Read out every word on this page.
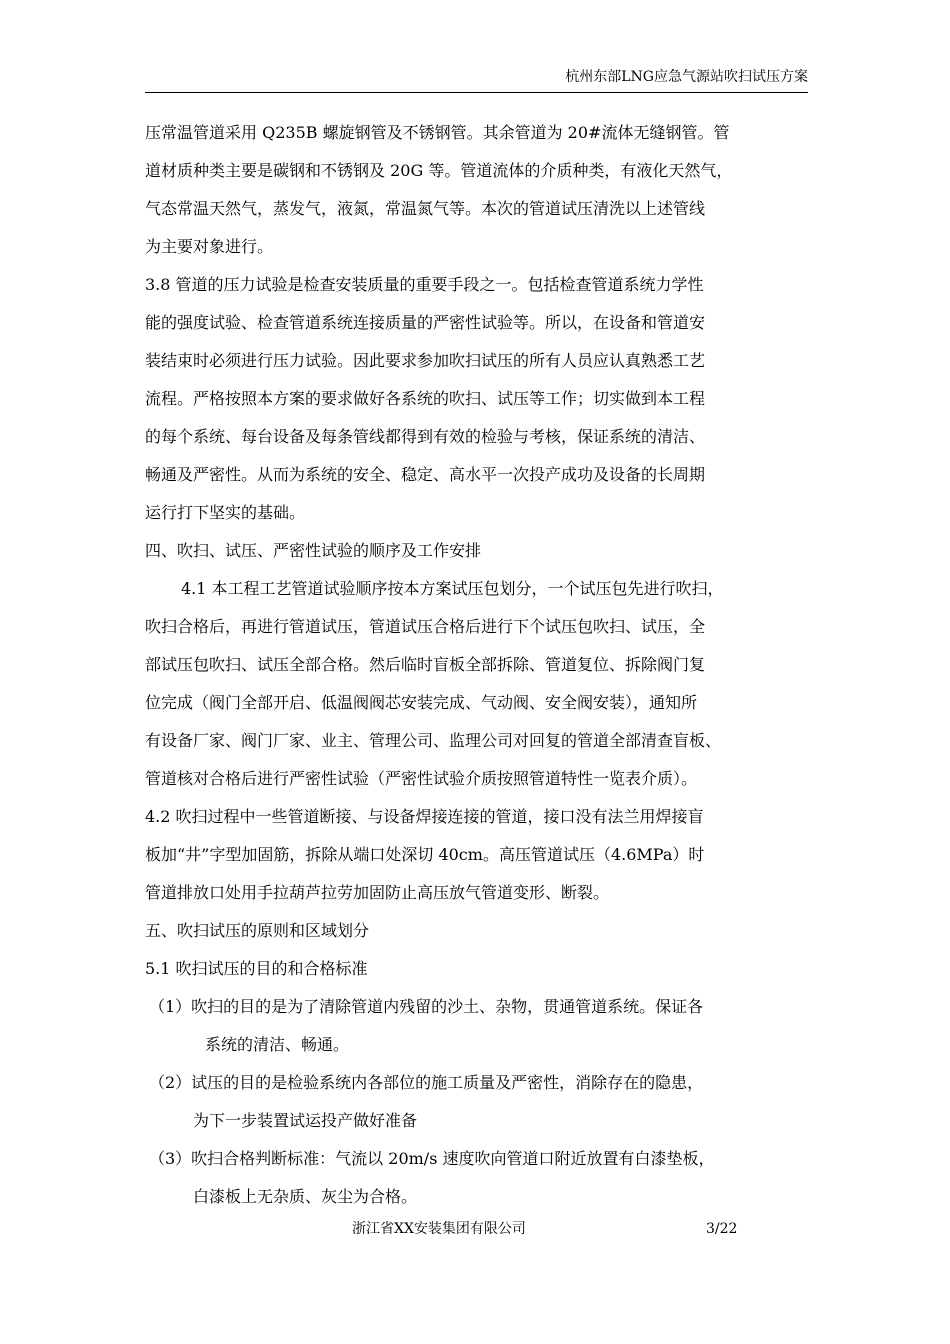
杭州东部LNG应急气源站吹扫试压方案
压常温管道采用 Q235B 螺旋钢管及不锈钢管。其余管道为 20#流体无缝钢管。管
道材质种类主要是碳钢和不锈钢及 20G 等。管道流体的介质种类，有液化天然气，
气态常温天然气，蒸发气，液氮，常温氮气等。本次的管道试压清洗以上述管线
为主要对象进行。
3.8 管道的压力试验是检查安装质量的重要手段之一。包括检查管道系统力学性
能的强度试验、检查管道系统连接质量的严密性试验等。所以，在设备和管道安
装结束时必须进行压力试验。因此要求参加吹扫试压的所有人员应认真熟悉工艺
流程。严格按照本方案的要求做好各系统的吹扫、试压等工作；切实做到本工程
的每个系统、每台设备及每条管线都得到有效的检验与考核，保证系统的清洁、
畅通及严密性。从而为系统的安全、稳定、高水平一次投产成功及设备的长周期
运行打下坚实的基础。
四、吹扫、试压、严密性试验的顺序及工作安排
4.1 本工程工艺管道试验顺序按本方案试压包划分，一个试压包先进行吹扫，
吹扫合格后，再进行管道试压，管道试压合格后进行下个试压包吹扫、试压，全
部试压包吹扫、试压全部合格。然后临时盲板全部拆除、管道复位、拆除阀门复
位完成（阀门全部开启、低温阀阀芯安装完成、气动阀、安全阀安装），通知所
有设备厂家、阀门厂家、业主、管理公司、监理公司对回复的管道全部清查盲板、
管道核对合格后进行严密性试验（严密性试验介质按照管道特性一览表介质）。
4.2 吹扫过程中一些管道断接、与设备焊接连接的管道，接口没有法兰用焊接盲
板加“井”字型加固筋，拆除从端口处深切 40cm。高压管道试压（4.6MPa）时
管道排放口处用手拉葫芦拉劳加固防止高压放气管道变形、断裂。
五、吹扫试压的原则和区域划分
5.1 吹扫试压的目的和合格标准
（1）吹扫的目的是为了清除管道内残留的沙土、杂物，贯通管道系统。保证各
系统的清洁、畅通。
（2）试压的目的是检验系统内各部位的施工质量及严密性，消除存在的隐患，
为下一步装置试运投产做好准备
（3）吹扫合格判断标准：气流以 20m/s 速度吹向管道口附近放置有白漆垫板，
白漆板上无杂质、灰尘为合格。
浙江省XX安装集团有限公司	3/22
